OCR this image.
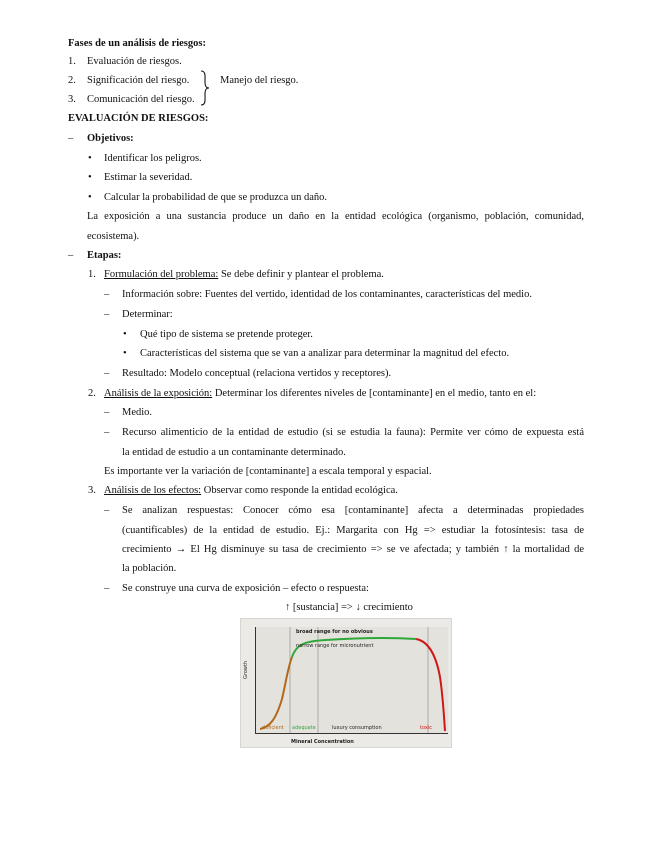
Fases de un análisis de riesgos:
1. Evaluación de riesgos.
2. Significación del riesgo.
3. Comunicación del riesgo.
Manejo del riesgo.
EVALUACIÓN DE RIESGOS:
– Objetivos:
• Identificar los peligros.
• Estimar la severidad.
• Calcular la probabilidad de que se produzca un daño.
La exposición a una sustancia produce un daño en la entidad ecológica (organismo, población, comunidad,
ecosistema).
– Etapas:
1. Formulación del problema: Se debe definir y plantear el problema.
– Información sobre: Fuentes del vertido, identidad de los contaminantes, características del medio.
– Determinar:
• Qué tipo de sistema se pretende proteger.
• Características del sistema que se van a analizar para determinar la magnitud del efecto.
– Resultado: Modelo conceptual (relaciona vertidos y receptores).
2. Análisis de la exposición: Determinar los diferentes niveles de [contaminante] en el medio, tanto en el:
– Medio.
– Recurso alimenticio de la entidad de estudio (si se estudia la fauna): Permite ver cómo de expuesta está
la entidad de estudio a un contaminante determinado.
Es importante ver la variación de [contaminante] a escala temporal y espacial.
3. Análisis de los efectos: Observar como responde la entidad ecológica.
– Se analizan respuestas: Conocer cómo esa [contaminante] afecta a determinadas propiedades
(cuantificables) de la entidad de estudio. Ej.: Margarita con Hg => estudiar la fotosíntesis: tasa de
crecimiento → El Hg disminuye su tasa de crecimiento => se ve afectada; y también ↑ la mortalidad de
la población.
– Se construye una curva de exposición – efecto o respuesta:
↑ [sustancia] => ↓ crecimiento
broad range for no obvious
narrow range for micronutrient
deficient adequate	luxury consumption	toxic
Growth
Mineral Concentration
